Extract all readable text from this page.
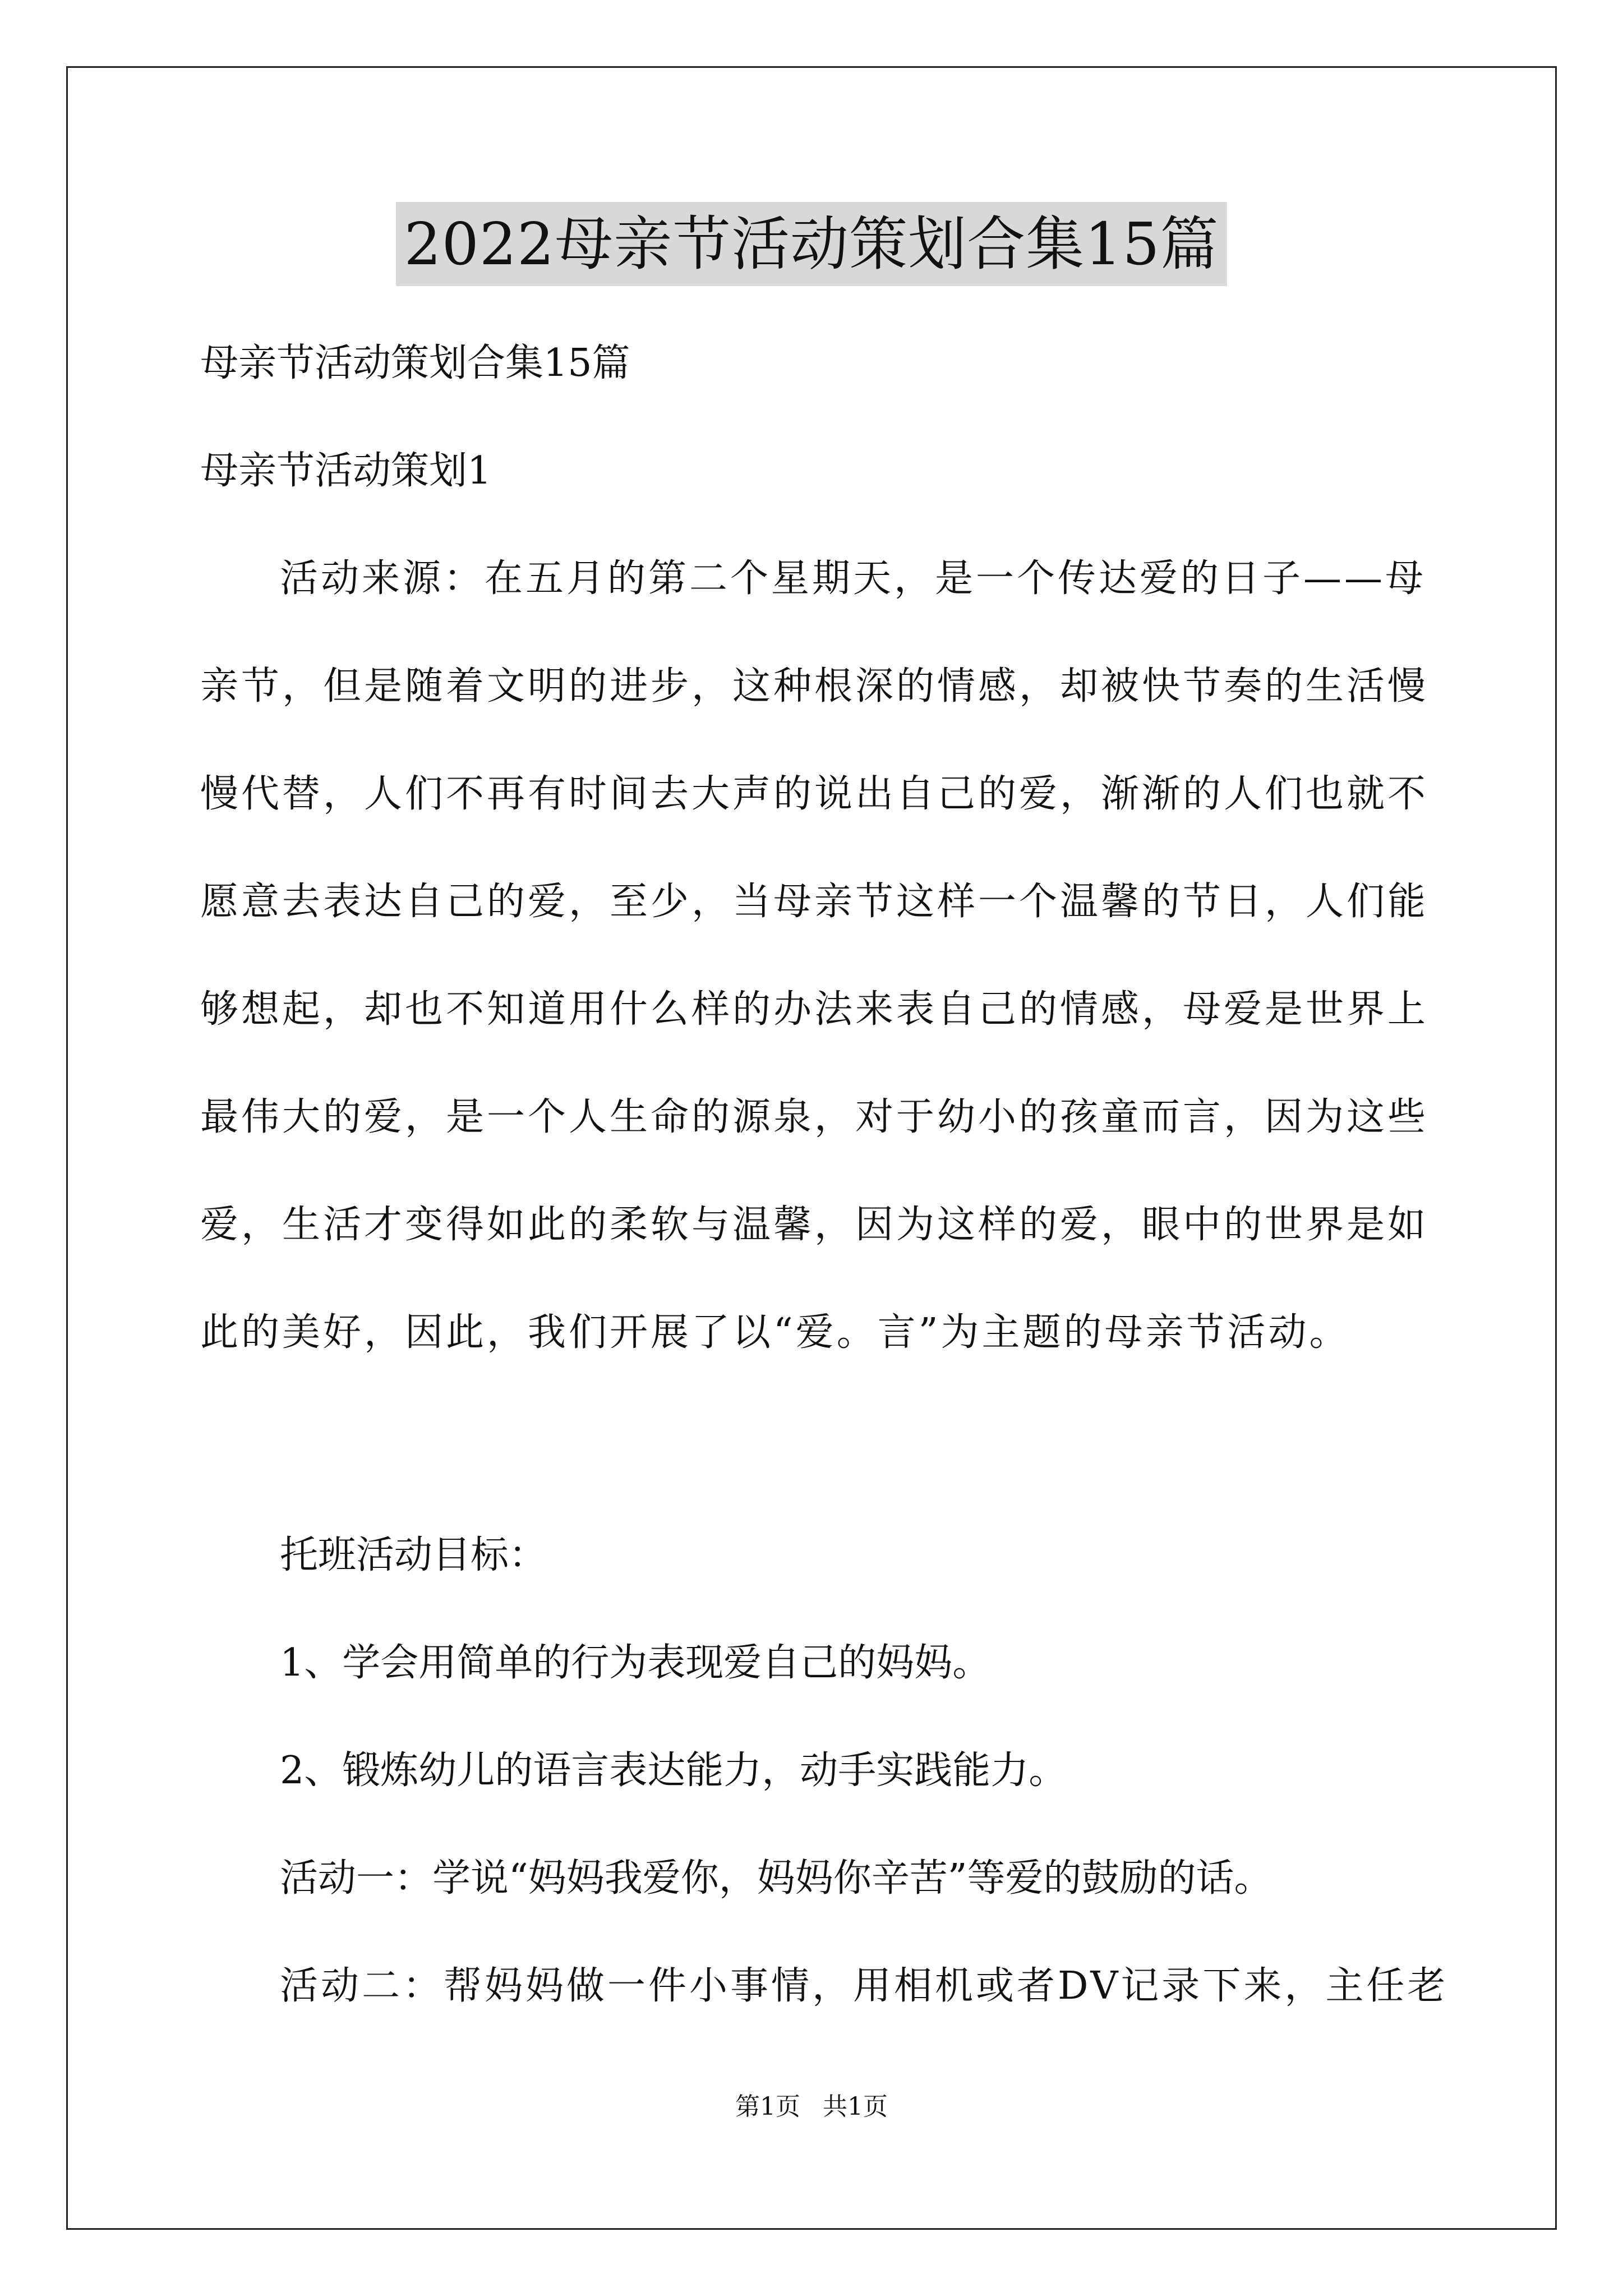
2022母亲节活动策划合集15篇

母亲节活动策划合集15篇

母亲节活动策划1

活动来源：在五月的第二个星期天，是一个传达爱的日子——母

亲节，但是随着文明的进步，这种根深的情感，却被快节奏的生活慢

慢代替，人们不再有时间去大声的说出自己的爱，渐渐的人们也就不

愿意去表达自己的爱，至少，当母亲节这样一个温馨的节日，人们能

够想起，却也不知道用什么样的办法来表自己的情感，母爱是世界上

最伟大的爱，是一个人生命的源泉，对于幼小的孩童而言，因为这些

爱，生活才变得如此的柔软与温馨，因为这样的爱，眼中的世界是如

此的美好，因此，我们开展了以“爱。言”为主题的母亲节活动。

托班活动目标：

1、学会用简单的行为表现爱自己的妈妈。

2、锻炼幼儿的语言表达能力，动手实践能力。

活动一：学说“妈妈我爱你，妈妈你辛苦”等爱的鼓励的话。

活动二：帮妈妈做一件小事情，用相机或者DV记录下来，主任老

第1页 共1页
